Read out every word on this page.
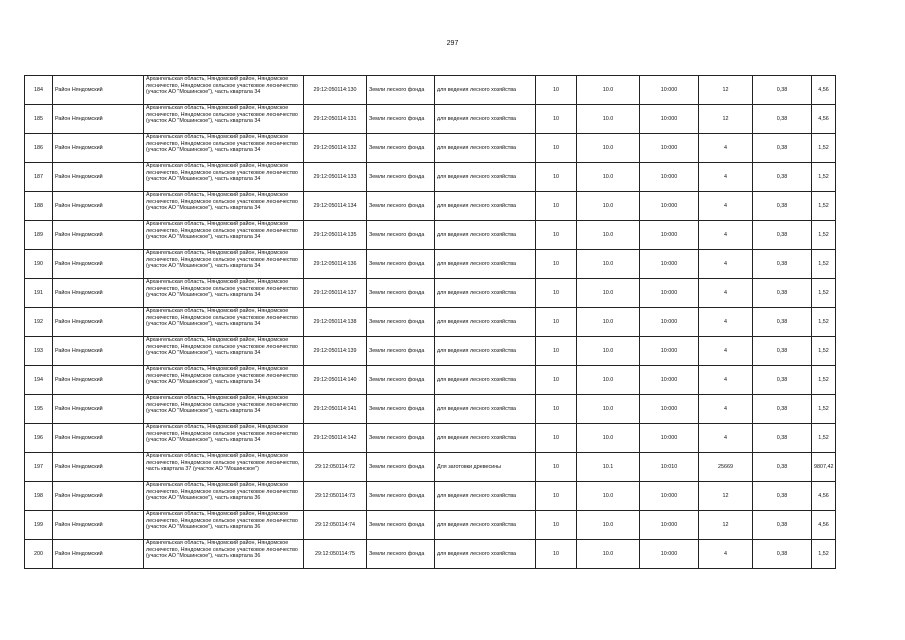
297
184	Район Няндомский	Архангельская область, Няндомский район, Няндомское лесничество, Няндомское сельское участковое лесничество (участок АО "Мошинское"), часть квартала 34	29:12:050114:130	Земли лесного фонда	для ведения лесного хозяйства	10	10.0	10:000	12	0,38	4,56
185	Район Няндомский	Архангельская область, Няндомский район, Няндомское лесничество, Няндомское сельское участковое лесничество (участок АО "Мошинское"), часть квартала 34	29:12:050114:131	Земли лесного фонда	для ведения лесного хозяйства	10	10.0	10:000	12	0,38	4,56
186	Район Няндомский	Архангельская область, Няндомский район, Няндомское лесничество, Няндомское сельское участковое лесничество (участок АО "Мошинское"), часть квартала 34	29:12:050114:132	Земли лесного фонда	для ведения лесного хозяйства	10	10.0	10:000	4	0,38	1,52
187	Район Няндомский	Архангельская область, Няндомский район, Няндомское лесничество, Няндомское сельское участковое лесничество (участок АО "Мошинское"), часть квартала 34	29:12:050114:133	Земли лесного фонда	для ведения лесного хозяйства	10	10.0	10:000	4	0,38	1,52
188	Район Няндомский	Архангельская область, Няндомский район, Няндомское лесничество, Няндомское сельское участковое лесничество (участок АО "Мошинское"), часть квартала 34	29:12:050114:134	Земли лесного фонда	для ведения лесного хозяйства	10	10.0	10:000	4	0,38	1,52
189	Район Няндомский	Архангельская область, Няндомский район, Няндомское лесничество, Няндомское сельское участковое лесничество (участок АО "Мошинское"), часть квартала 34	29:12:050114:135	Земли лесного фонда	для ведения лесного хозяйства	10	10.0	10:000	4	0,38	1,52
190	Район Няндомский	Архангельская область, Няндомский район, Няндомское лесничество, Няндомское сельское участковое лесничество (участок АО "Мошинское"), часть квартала 34	29:12:050114:136	Земли лесного фонда	для ведения лесного хозяйства	10	10.0	10:000	4	0,38	1,52
191	Район Няндомский	Архангельская область, Няндомский район, Няндомское лесничество, Няндомское сельское участковое лесничество (участок АО "Мошинское"), часть квартала 34	29:12:050114:137	Земли лесного фонда	для ведения лесного хозяйства	10	10.0	10:000	4	0,38	1,52
192	Район Няндомский	Архангельская область, Няндомский район, Няндомское лесничество, Няндомское сельское участковое лесничество (участок АО "Мошинское"), часть квартала 34	29:12:050114:138	Земли лесного фонда	для ведения лесного хозяйства	10	10.0	10:000	4	0,38	1,52
193	Район Няндомский	Архангельская область, Няндомский район, Няндомское лесничество, Няндомское сельское участковое лесничество (участок АО "Мошинское"), часть квартала 34	29:12:050114:139	Земли лесного фонда	для ведения лесного хозяйства	10	10.0	10:000	4	0,38	1,52
194	Район Няндомский	Архангельская область, Няндомский район, Няндомское лесничество, Няндомское сельское участковое лесничество (участок АО "Мошинское"), часть квартала 34	29:12:050114:140	Земли лесного фонда	для ведения лесного хозяйства	10	10.0	10:000	4	0,38	1,52
195	Район Няндомский	Архангельская область, Няндомский район, Няндомское лесничество, Няндомское сельское участковое лесничество (участок АО "Мошинское"), часть квартала 34	29:12:050114:141	Земли лесного фонда	для ведения лесного хозяйства	10	10.0	10:000	4	0,38	1,52
196	Район Няндомский	Архангельская область, Няндомский район, Няндомское лесничество, Няндомское сельское участковое лесничество (участок АО "Мошинское"), часть квартала 34	29:12:050114:142	Земли лесного фонда	для ведения лесного хозяйства	10	10.0	10:000	4	0,38	1,52
197	Район Няндомский	Архангельская область, Няндомский район, Няндомское лесничество, Няндомское сельское участковое лесничество, часть квартала 37 (участок АО "Мошинское")	29:12:050114:72	Земли лесного фонда	Для заготовки древесины	10	10.1	10:010	25669	0,38	9807,42
198	Район Няндомский	Архангельская область, Няндомский район, Няндомское лесничество, Няндомское сельское участковое лесничество (участок АО "Мошинское"), часть квартала 36	29:12:050114:73	Земли лесного фонда	для ведения лесного хозяйства	10	10.0	10:000	12	0,38	4,56
199	Район Няндомский	Архангельская область, Няндомский район, Няндомское лесничество, Няндомское сельское участковое лесничество (участок АО "Мошинское"), часть квартала 36	29:12:050114:74	Земли лесного фонда	для ведения лесного хозяйства	10	10.0	10:000	12	0,38	4,56
200	Район Няндомский	Архангельская область, Няндомский район, Няндомское лесничество, Няндомское сельское участковое лесничество (участок АО "Мошинское"), часть квартала 36	29:12:050114:75	Земли лесного фонда	для ведения лесного хозяйства	10	10.0	10:000	4	0,38	1,52
